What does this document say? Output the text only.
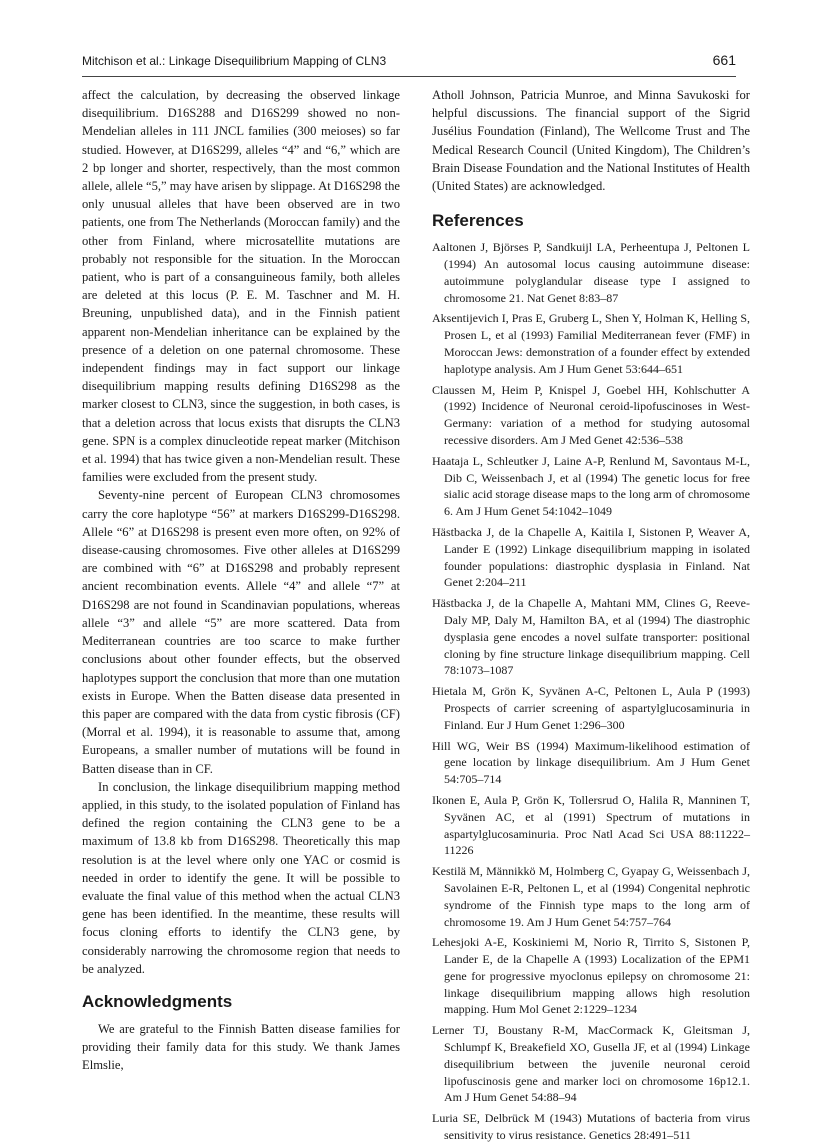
Mitchison et al.: Linkage Disequilibrium Mapping of CLN3	661

affect the calculation, by decreasing the observed linkage disequilibrium. D16S288 and D16S299 showed no non-Mendelian alleles in 111 JNCL families (300 meioses) so far studied. However, at D16S299, alleles “4” and “6,” which are 2 bp longer and shorter, respectively, than the most common allele, allele “5,” may have arisen by slippage. At D16S298 the only unusual alleles that have been observed are in two patients, one from The Netherlands (Moroccan family) and the other from Finland, where microsatellite mutations are probably not responsible for the situation. In the Moroccan patient, who is part of a consanguineous family, both alleles are deleted at this locus (P. E. M. Taschner and M. H. Breuning, unpublished data), and in the Finnish patient apparent non-Mendelian inheritance can be explained by the presence of a deletion on one paternal chromosome. These independent findings may in fact support our linkage disequilibrium mapping results defining D16S298 as the marker closest to CLN3, since the suggestion, in both cases, is that a deletion across that locus exists that disrupts the CLN3 gene. SPN is a complex dinucleotide repeat marker (Mitchison et al. 1994) that has twice given a non-Mendelian result. These families were excluded from the present study.

Seventy-nine percent of European CLN3 chromosomes carry the core haplotype “56” at markers D16S299-D16S298. Allele “6” at D16S298 is present even more often, on 92% of disease-causing chromosomes. Five other alleles at D16S299 are combined with “6” at D16S298 and probably represent ancient recombination events. Allele “4” and allele “7” at D16S298 are not found in Scandinavian populations, whereas allele “3” and allele “5” are more scattered. Data from Mediterranean countries are too scarce to make further conclusions about other founder effects, but the observed haplotypes support the conclusion that more than one mutation exists in Europe. When the Batten disease data presented in this paper are compared with the data from cystic fibrosis (CF) (Morral et al. 1994), it is reasonable to assume that, among Europeans, a smaller number of mutations will be found in Batten disease than in CF.

In conclusion, the linkage disequilibrium mapping method applied, in this study, to the isolated population of Finland has defined the region containing the CLN3 gene to be a maximum of 13.8 kb from D16S298. Theoretically this map resolution is at the level where only one YAC or cosmid is needed in order to identify the gene. It will be possible to evaluate the final value of this method when the actual CLN3 gene has been identified. In the meantime, these results will focus cloning efforts to identify the CLN3 gene, by considerably narrowing the chromosome region that needs to be analyzed.

Acknowledgments

We are grateful to the Finnish Batten disease families for providing their family data for this study. We thank James Elmslie,

Atholl Johnson, Patricia Munroe, and Minna Savukoski for helpful discussions. The financial support of the Sigrid Jusélius Foundation (Finland), The Wellcome Trust and The Medical Research Council (United Kingdom), The Children’s Brain Disease Foundation and the National Institutes of Health (United States) are acknowledged.

References

Aaltonen J, Björses P, Sandkuijl LA, Perheentupa J, Peltonen L (1994) An autosomal locus causing autoimmune disease: autoimmune polyglandular disease type I assigned to chromosome 21. Nat Genet 8:83–87

Aksentijevich I, Pras E, Gruberg L, Shen Y, Holman K, Helling S, Prosen L, et al (1993) Familial Mediterranean fever (FMF) in Moroccan Jews: demonstration of a founder effect by extended haplotype analysis. Am J Hum Genet 53:644–651

Claussen M, Heim P, Knispel J, Goebel HH, Kohlschutter A (1992) Incidence of Neuronal ceroid-lipofuscinoses in West-Germany: variation of a method for studying autosomal recessive disorders. Am J Med Genet 42:536–538

Haataja L, Schleutker J, Laine A-P, Renlund M, Savontaus M-L, Dib C, Weissenbach J, et al (1994) The genetic locus for free sialic acid storage disease maps to the long arm of chromosome 6. Am J Hum Genet 54:1042–1049

Hästbacka J, de la Chapelle A, Kaitila I, Sistonen P, Weaver A, Lander E (1992) Linkage disequilibrium mapping in isolated founder populations: diastrophic dysplasia in Finland. Nat Genet 2:204–211

Hästbacka J, de la Chapelle A, Mahtani MM, Clines G, Reeve-Daly MP, Daly M, Hamilton BA, et al (1994) The diastrophic dysplasia gene encodes a novel sulfate transporter: positional cloning by fine structure linkage disequilibrium mapping. Cell 78:1073–1087

Hietala M, Grön K, Syvänen A-C, Peltonen L, Aula P (1993) Prospects of carrier screening of aspartylglucosaminuria in Finland. Eur J Hum Genet 1:296–300

Hill WG, Weir BS (1994) Maximum-likelihood estimation of gene location by linkage disequilibrium. Am J Hum Genet 54:705–714

Ikonen E, Aula P, Grön K, Tollersrud O, Halila R, Manninen T, Syvänen AC, et al (1991) Spectrum of mutations in aspartylglucosaminuria. Proc Natl Acad Sci USA 88:11222–11226

Kestilä M, Männikkö M, Holmberg C, Gyapay G, Weissenbach J, Savolainen E-R, Peltonen L, et al (1994) Congenital nephrotic syndrome of the Finnish type maps to the long arm of chromosome 19. Am J Hum Genet 54:757–764

Lehesjoki A-E, Koskiniemi M, Norio R, Tirrito S, Sistonen P, Lander E, de la Chapelle A (1993) Localization of the EPM1 gene for progressive myoclonus epilepsy on chromosome 21: linkage disequilibrium mapping allows high resolution mapping. Hum Mol Genet 2:1229–1234

Lerner TJ, Boustany R-M, MacCormack K, Gleitsman J, Schlumpf K, Breakefield XO, Gusella JF, et al (1994) Linkage disequilibrium between the juvenile neuronal ceroid lipofuscinosis gene and marker loci on chromosome 16p12.1. Am J Hum Genet 54:88–94

Luria SE, Delbrück M (1943) Mutations of bacteria from virus sensitivity to virus resistance. Genetics 28:491–511
